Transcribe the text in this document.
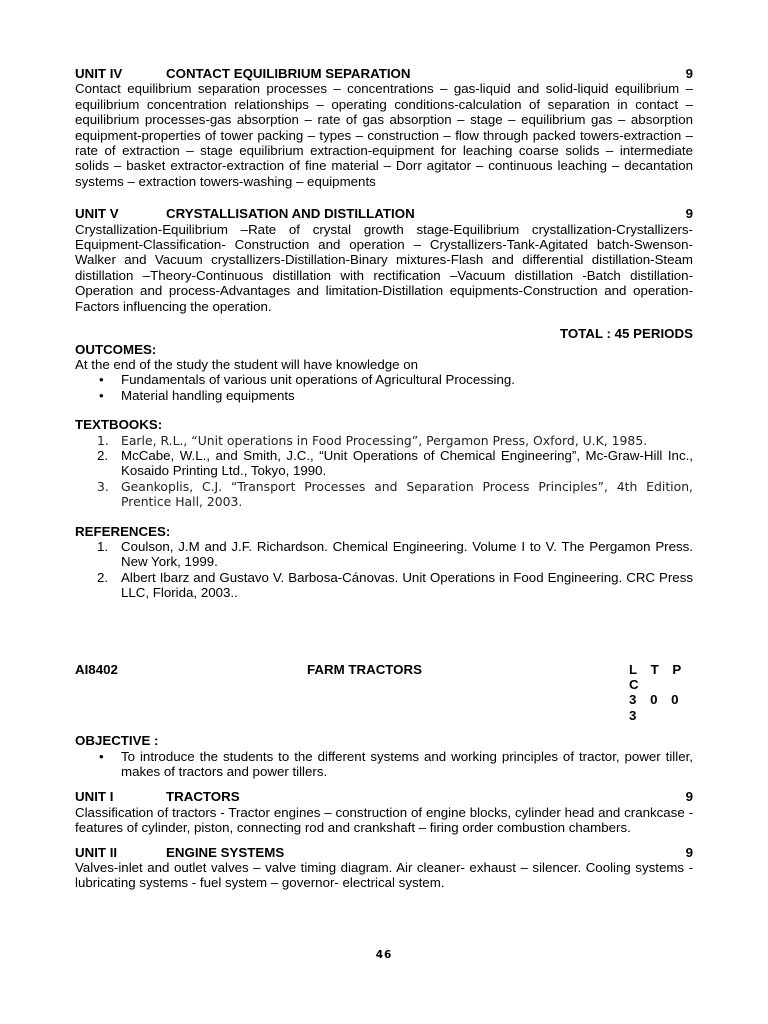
UNIT IV	CONTACT EQUILIBRIUM SEPARATION	9
Contact equilibrium separation processes – concentrations – gas-liquid and solid-liquid equilibrium – equilibrium concentration relationships – operating conditions-calculation of separation in contact – equilibrium processes-gas absorption – rate of gas absorption – stage – equilibrium gas – absorption equipment-properties of tower packing – types – construction – flow through packed towers-extraction – rate of extraction – stage equilibrium extraction-equipment for leaching coarse solids – intermediate solids – basket extractor-extraction of fine material – Dorr agitator – continuous leaching – decantation systems – extraction towers-washing – equipments
UNIT V	CRYSTALLISATION AND DISTILLATION	9
Crystallization-Equilibrium –Rate of crystal growth stage-Equilibrium crystallization-Crystallizers-Equipment-Classification- Construction and operation – Crystallizers-Tank-Agitated batch-Swenson-Walker and Vacuum crystallizers-Distillation-Binary mixtures-Flash and differential distillation-Steam distillation –Theory-Continuous distillation with rectification –Vacuum distillation -Batch distillation-Operation and process-Advantages and limitation-Distillation equipments-Construction and operation-Factors influencing the operation.
TOTAL : 45 PERIODS
OUTCOMES:
At the end of the study the student will have knowledge on
• Fundamentals of various unit operations of Agricultural Processing.
• Material handling equipments
TEXTBOOKS:
1. Earle, R.L., “Unit operations in Food Processing”, Pergamon Press, Oxford, U.K, 1985.
2. McCabe, W.L., and Smith, J.C., “Unit Operations of Chemical Engineering”, Mc-Graw-Hill Inc., Kosaido Printing Ltd., Tokyo, 1990.
3. Geankoplis, C.J. “Transport Processes and Separation Process Principles”, 4th Edition, Prentice Hall, 2003.
REFERENCES:
1. Coulson, J.M and J.F. Richardson. Chemical Engineering. Volume I to V. The Pergamon Press. New York, 1999.
2. Albert Ibarz and Gustavo V. Barbosa-Cánovas. Unit Operations in Food Engineering. CRC Press LLC, Florida, 2003..
AI8402	FARM TRACTORS	L T P C
3 0 0 3
OBJECTIVE :
• To introduce the students to the different systems and working principles of tractor, power tiller, makes of tractors and power tillers.
UNIT I	TRACTORS	9
Classification of tractors - Tractor engines – construction of engine blocks, cylinder head and crankcase - features of cylinder, piston, connecting rod and crankshaft – firing order combustion chambers.
UNIT II	ENGINE SYSTEMS	9
Valves-inlet and outlet valves – valve timing diagram. Air cleaner- exhaust – silencer. Cooling systems - lubricating systems - fuel system – governor- electrical system.
46
